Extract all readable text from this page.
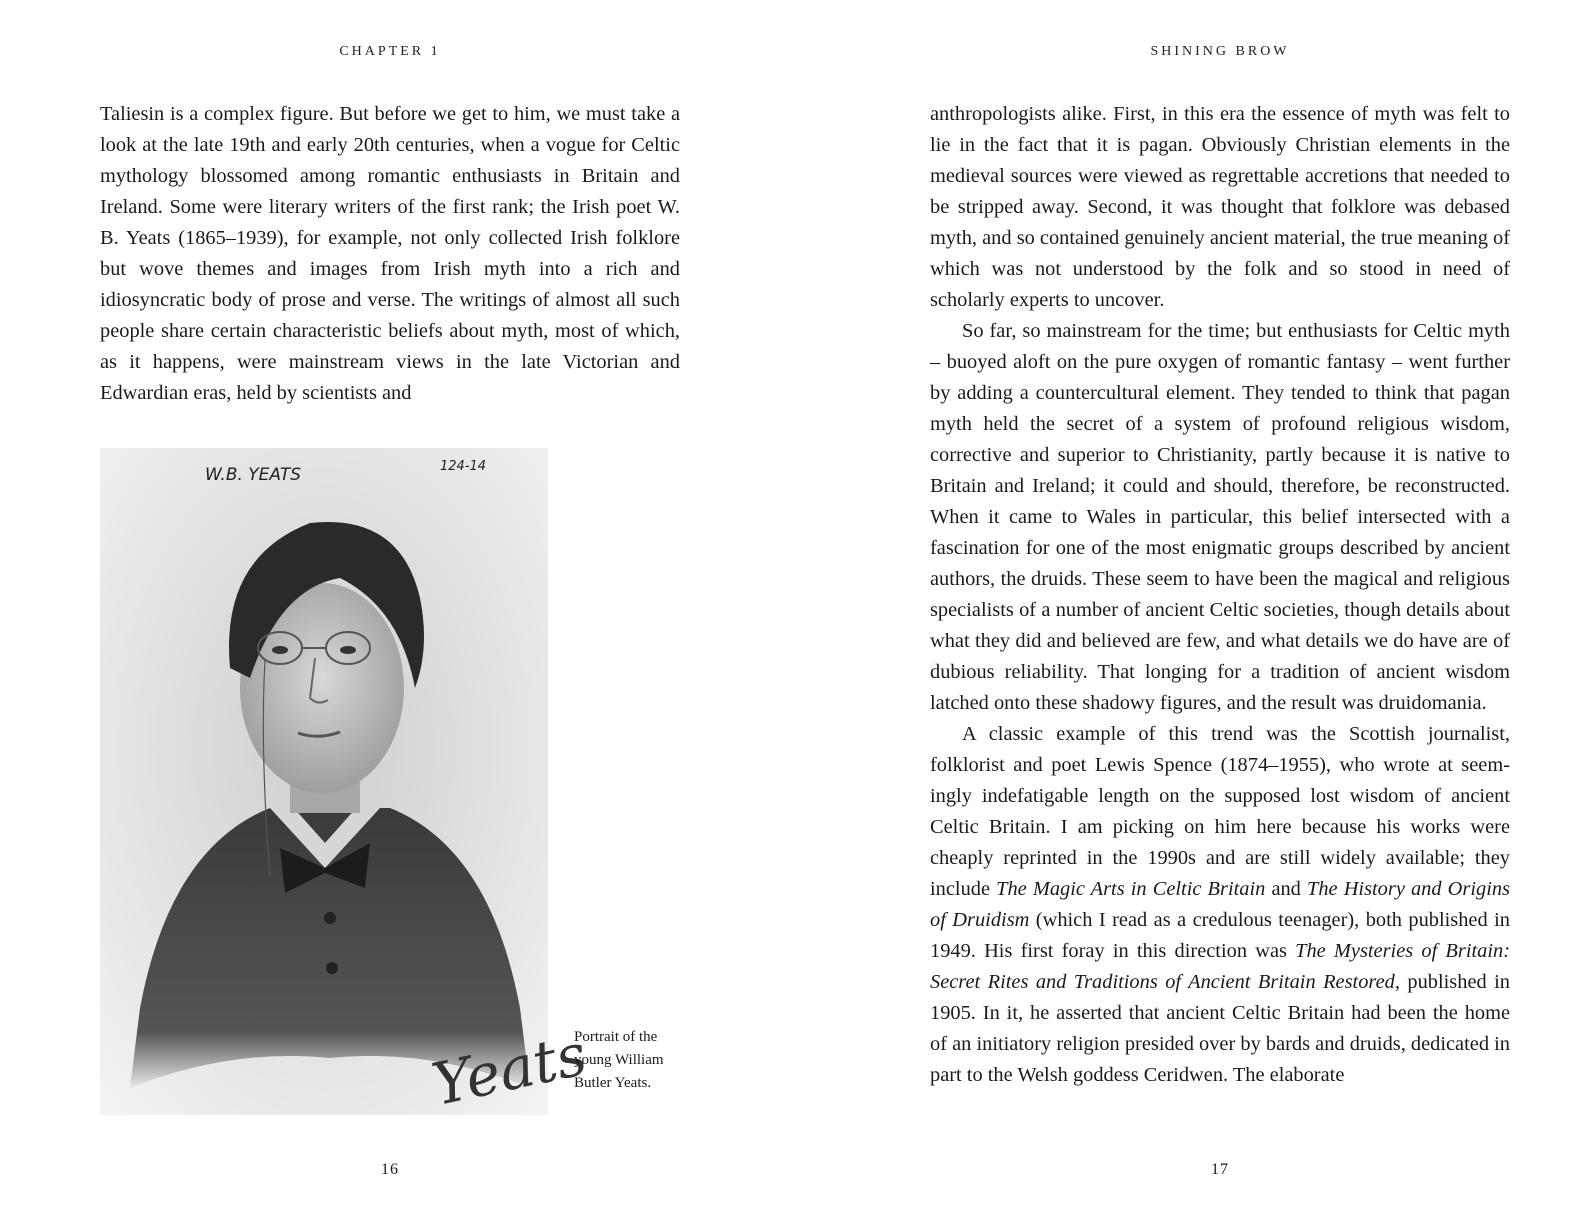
CHAPTER 1

Taliesin is a complex figure. But before we get to him, we must take a look at the late 19th and early 20th centuries, when a vogue for Celtic mythology blossomed among romantic enthusiasts in Britain and Ireland. Some were literary writers of the first rank; the Irish poet W. B. Yeats (1865–1939), for example, not only collected Irish folklore but wove themes and images from Irish myth into a rich and idiosyncratic body of prose and verse. The writings of almost all such people share certain characteristic beliefs about myth, most of which, as it happens, were mainstream views in the late Victorian and Edwardian eras, held by scientists and

W.B. YEATS	124-14
Yeats
Portrait of the young William Butler Yeats.
16
SHINING BROW

anthropologists alike. First, in this era the essence of myth was felt to lie in the fact that it is pagan. Obviously Christian elements in the medieval sources were viewed as regrettable accretions that needed to be stripped away. Second, it was thought that folklore was debased myth, and so contained genuinely ancient material, the true meaning of which was not understood by the folk and so stood in need of scholarly experts to uncover.

So far, so mainstream for the time; but enthusiasts for Celtic myth – buoyed aloft on the pure oxygen of romantic fantasy – went further by adding a countercultural element. They tended to think that pagan myth held the secret of a system of profound religious wisdom, corrective and superior to Christianity, partly because it is native to Britain and Ireland; it could and should, therefore, be reconstructed. When it came to Wales in particular, this belief intersected with a fascination for one of the most enigmatic groups described by ancient authors, the druids. These seem to have been the magical and religious specialists of a number of ancient Celtic societies, though details about what they did and believed are few, and what details we do have are of dubious reliability. That longing for a tradition of ancient wisdom latched onto these shadowy figures, and the result was druidomania.

A classic example of this trend was the Scottish journalist, folklorist and poet Lewis Spence (1874–1955), who wrote at seemingly indefatigable length on the supposed lost wisdom of ancient Celtic Britain. I am picking on him here because his works were cheaply reprinted in the 1990s and are still widely available; they include The Magic Arts in Celtic Britain and The History and Origins of Druidism (which I read as a credulous teenager), both published in 1949. His first foray in this direction was The Mysteries of Britain: Secret Rites and Traditions of Ancient Britain Restored, published in 1905. In it, he asserted that ancient Celtic Britain had been the home of an initiatory religion presided over by bards and druids, dedicated in part to the Welsh goddess Ceridwen. The elaborate

17
